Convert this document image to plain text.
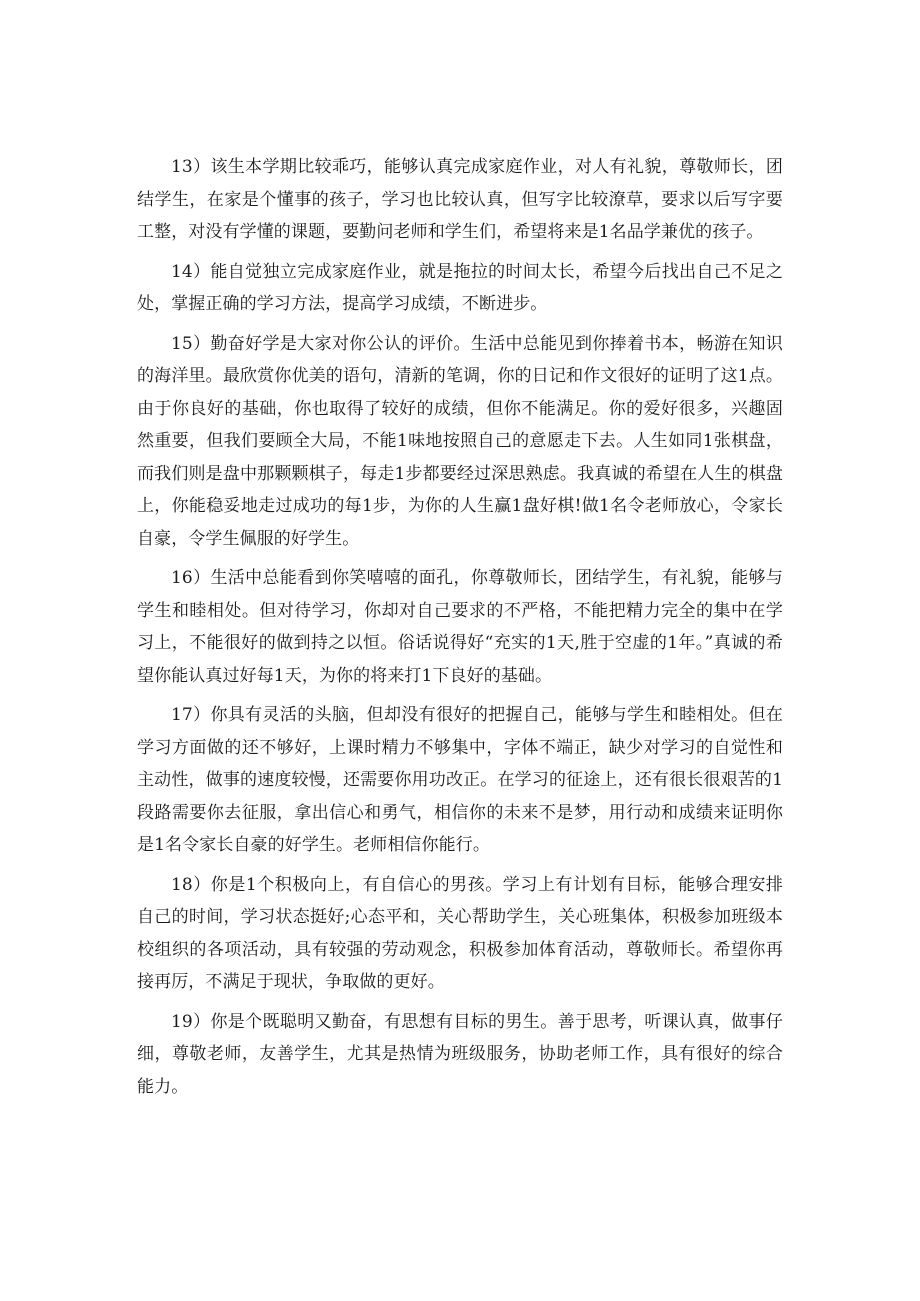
13）该生本学期比较乖巧，能够认真完成家庭作业，对人有礼貌，尊敬师长，团结学生，在家是个懂事的孩子，学习也比较认真，但写字比较潦草，要求以后写字要工整，对没有学懂的课题，要勤问老师和学生们，希望将来是1名品学兼优的孩子。

14）能自觉独立完成家庭作业，就是拖拉的时间太长，希望今后找出自己不足之处，掌握正确的学习方法，提高学习成绩，不断进步。

15）勤奋好学是大家对你公认的评价。生活中总能见到你捧着书本，畅游在知识的海洋里。最欣赏你优美的语句，清新的笔调，你的日记和作文很好的证明了这1点。由于你良好的基础，你也取得了较好的成绩，但你不能满足。你的爱好很多，兴趣固然重要，但我们要顾全大局，不能1味地按照自己的意愿走下去。人生如同1张棋盘，而我们则是盘中那颗颗棋子，每走1步都要经过深思熟虑。我真诚的希望在人生的棋盘上，你能稳妥地走过成功的每1步，为你的人生赢1盘好棋!做1名令老师放心，令家长自豪，令学生佩服的好学生。

16）生活中总能看到你笑嘻嘻的面孔，你尊敬师长，团结学生，有礼貌，能够与学生和睦相处。但对待学习，你却对自己要求的不严格，不能把精力完全的集中在学习上，不能很好的做到持之以恒。俗话说得好“充实的1天,胜于空虚的1年。”真诚的希望你能认真过好每1天，为你的将来打1下良好的基础。

17）你具有灵活的头脑，但却没有很好的把握自己，能够与学生和睦相处。但在学习方面做的还不够好，上课时精力不够集中，字体不端正，缺少对学习的自觉性和主动性，做事的速度较慢，还需要你用功改正。在学习的征途上，还有很长很艰苦的1段路需要你去征服，拿出信心和勇气，相信你的未来不是梦，用行动和成绩来证明你是1名令家长自豪的好学生。老师相信你能行。

18）你是1个积极向上，有自信心的男孩。学习上有计划有目标，能够合理安排自己的时间，学习状态挺好;心态平和，关心帮助学生，关心班集体，积极参加班级本校组织的各项活动，具有较强的劳动观念，积极参加体育活动，尊敬师长。希望你再接再厉，不满足于现状，争取做的更好。

19）你是个既聪明又勤奋，有思想有目标的男生。善于思考，听课认真，做事仔细，尊敬老师，友善学生，尤其是热情为班级服务，协助老师工作，具有很好的综合能力。
